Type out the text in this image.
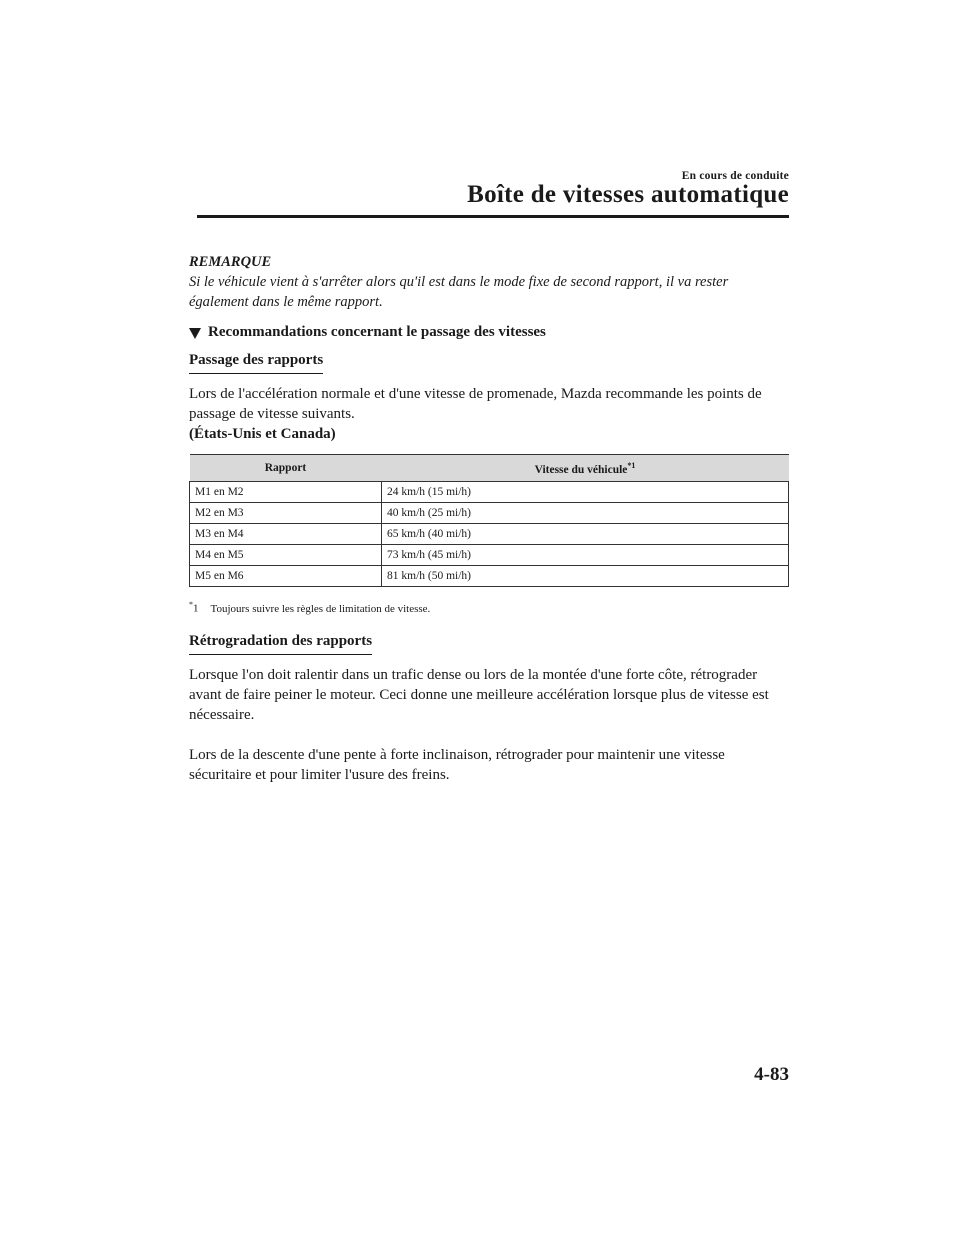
En cours de conduite
Boîte de vitesses automatique

REMARQUE

Si le véhicule vient à s'arrêter alors qu'il est dans le mode fixe de second rapport, il va rester également dans le même rapport.

Recommandations concernant le passage des vitesses
Passage des rapports

Lors de l'accélération normale et d'une vitesse de promenade, Mazda recommande les points de passage de vitesse suivants.

(États-Unis et Canada)

Rapport	Vitesse du véhicule$^{*1}$
M1 en M2	24 km/h (15 mi/h)
M2 en M3	40 km/h (25 mi/h)
M3 en M4	65 km/h (40 mi/h)
M4 en M5	73 km/h (45 mi/h)
M5 en M6	81 km/h (50 mi/h)

*1 Toujours suivre les règles de limitation de vitesse.

Rétrogradation des rapports

Lorsque l'on doit ralentir dans un trafic dense ou lors de la montée d'une forte côte, rétrograder avant de faire peiner le moteur. Ceci donne une meilleure accélération lorsque plus de vitesse est nécessaire.

Lors de la descente d'une pente à forte inclinaison, rétrograder pour maintenir une vitesse sécuritaire et pour limiter l'usure des freins.

4-83
